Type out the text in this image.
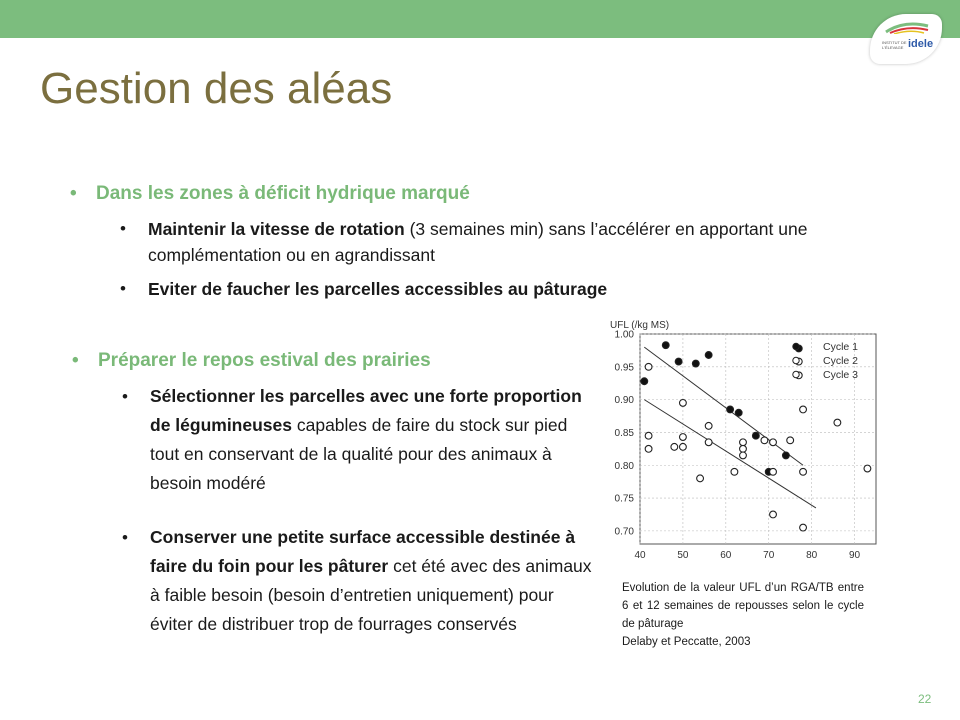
INSTITUT DE L'ÉLEVAGE idele
Gestion des aléas
• Dans les zones à déficit hydrique marqué
• Maintenir la vitesse de rotation (3 semaines min) sans l’accélérer en apportant une complémentation ou en agrandissant
• Eviter de faucher les parcelles accessibles au pâturage
• Préparer le repos estival des prairies
• Sélectionner les parcelles avec une forte proportion de légumineuses capables de faire du stock sur pied tout en conservant de la qualité pour des animaux à besoin modéré
• Conserver une petite surface accessible destinée à faire du foin pour les pâturer cet été avec des animaux à faible besoin (besoin d’entretien uniquement) pour éviter de distribuer trop de fourrages conservés
0.70
0.75
0.80
0.85
0.90
0.95
1.00
40	50	60	70	80	90
UFL (/kg MS)
Cycle 1
Cycle 2
Cycle 3
Evolution de la valeur UFL d’un RGA/TB entre 6 et 12 semaines de repousses selon le cycle de pâturage
Delaby et Peccatte, 2003
22
